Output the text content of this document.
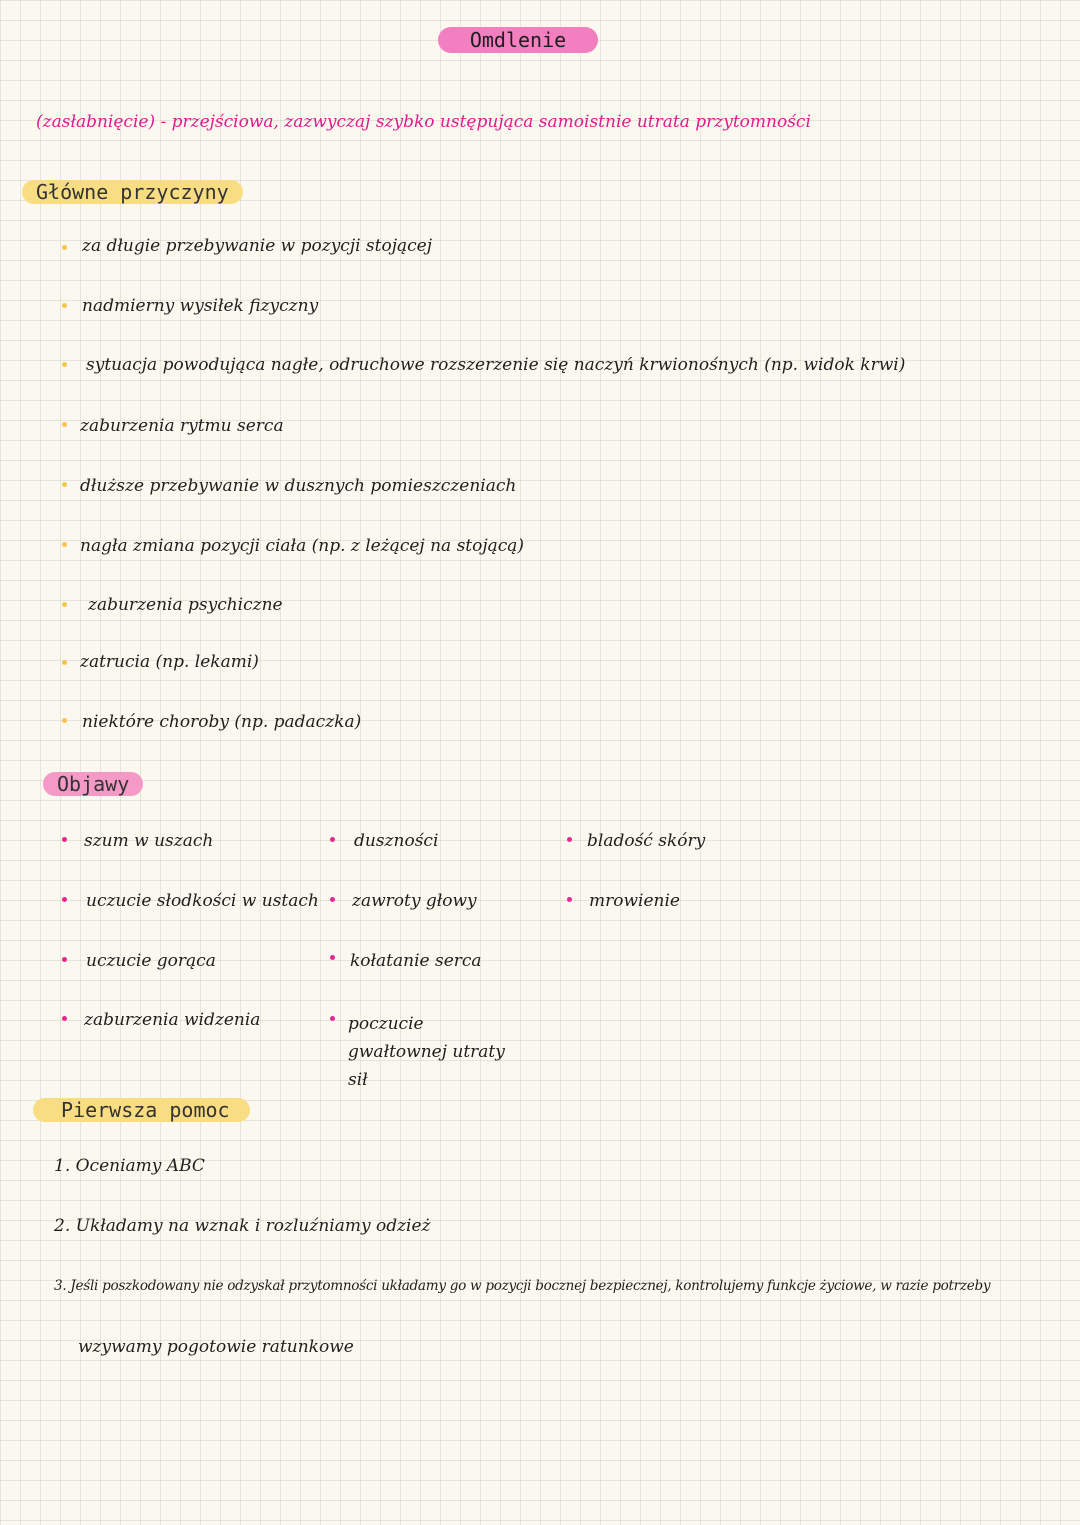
Omdlenie
(zasłabnięcie) - przejściowa, zazwyczaj szybko ustępująca samoistnie utrata przytomności
Główne przyczyny
za długie przebywanie w pozycji stojącej
nadmierny wysiłek fizyczny
sytuacja powodująca nagłe, odruchowe rozszerzenie się naczyń krwionośnych (np. widok krwi)
zaburzenia rytmu serca
dłuższe przebywanie w dusznych pomieszczeniach
nagła zmiana pozycji ciała (np. z leżącej na stojącą)
zaburzenia psychiczne
zatrucia (np. lekami)
niektóre choroby (np. padaczka)
Objawy
szum w uszach
uczucie słodkości w ustach
uczucie gorąca
zaburzenia widzenia
duszności
zawroty głowy
kołatanie serca
poczucie gwałtownej utraty sił
bladość skóry
mrowienie
Pierwsza pomoc
1. Oceniamy ABC
2. Układamy na wznak i rozluźniamy odzież
3. Jeśli poszkodowany nie odzyskał przytomności układamy go w pozycji bocznej bezpiecznej, kontrolujemy funkcje życiowe, w razie potrzeby
wzywamy pogotowie ratunkowe
